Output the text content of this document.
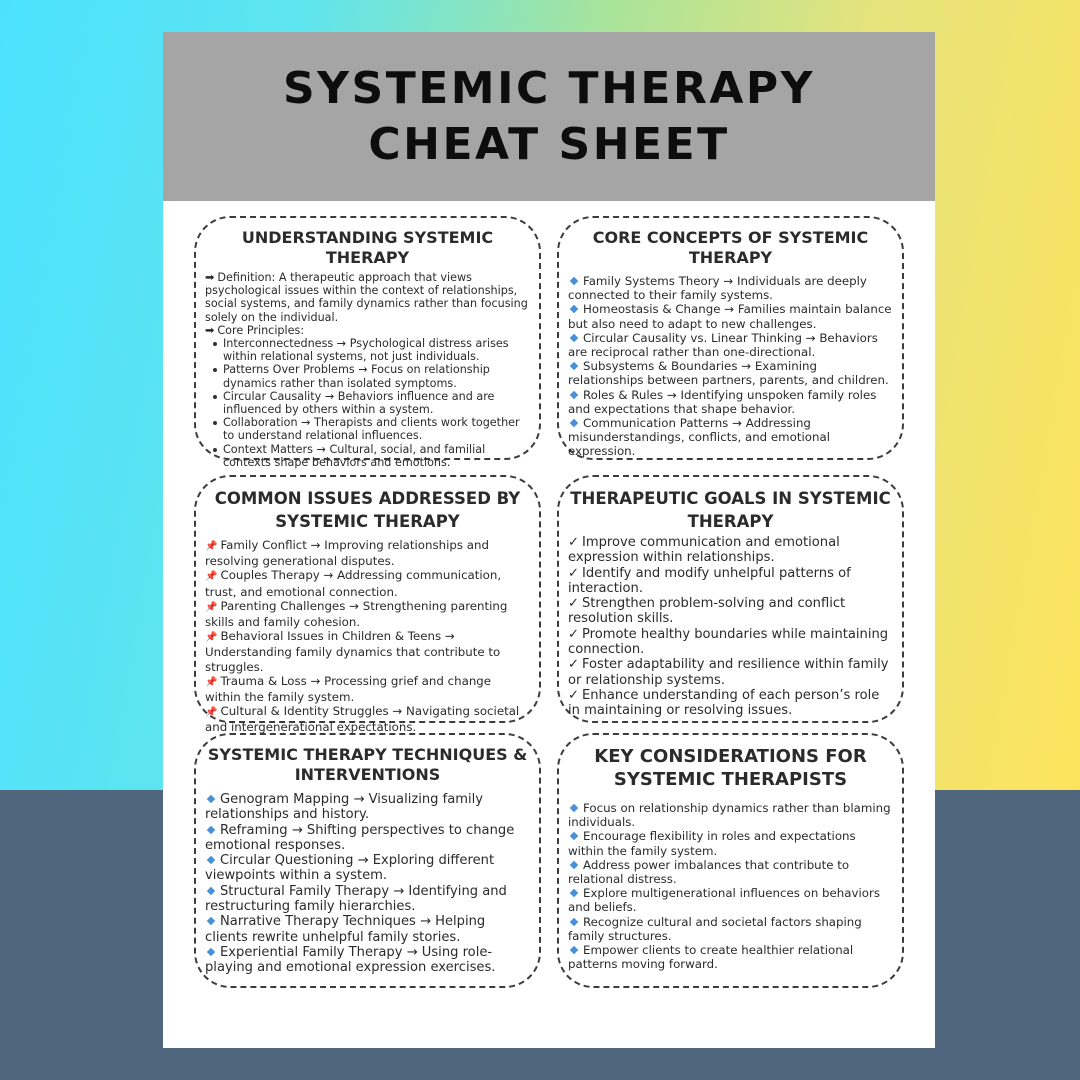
SYSTEMIC THERAPY
CHEAT SHEET
UNDERSTANDING SYSTEMIC THERAPY
➡ Definition: A therapeutic approach that views psychological issues within the context of relationships, social systems, and family dynamics rather than focusing solely on the individual.
➡ Core Principles:
Interconnectedness → Psychological distress arises within relational systems, not just individuals.
Patterns Over Problems → Focus on relationship dynamics rather than isolated symptoms.
Circular Causality → Behaviors influence and are influenced by others within a system.
Collaboration → Therapists and clients work together to understand relational influences.
Context Matters → Cultural, social, and familial contexts shape behaviors and emotions.
CORE CONCEPTS OF SYSTEMIC THERAPY
Family Systems Theory → Individuals are deeply connected to their family systems.
Homeostasis & Change → Families maintain balance but also need to adapt to new challenges.
Circular Causality vs. Linear Thinking → Behaviors are reciprocal rather than one-directional.
Subsystems & Boundaries → Examining relationships between partners, parents, and children.
Roles & Rules → Identifying unspoken family roles and expectations that shape behavior.
Communication Patterns → Addressing misunderstandings, conflicts, and emotional expression.
COMMON ISSUES ADDRESSED BY SYSTEMIC THERAPY
📌 Family Conflict → Improving relationships and resolving generational disputes.
📌 Couples Therapy → Addressing communication, trust, and emotional connection.
📌 Parenting Challenges → Strengthening parenting skills and family cohesion.
📌 Behavioral Issues in Children & Teens → Understanding family dynamics that contribute to struggles.
📌 Trauma & Loss → Processing grief and change within the family system.
📌 Cultural & Identity Struggles → Navigating societal and intergenerational expectations.
THERAPEUTIC GOALS IN SYSTEMIC THERAPY
✓ Improve communication and emotional expression within relationships.
✓ Identify and modify unhelpful patterns of interaction.
✓ Strengthen problem-solving and conflict resolution skills.
✓ Promote healthy boundaries while maintaining connection.
✓ Foster adaptability and resilience within family or relationship systems.
✓ Enhance understanding of each person’s role in maintaining or resolving issues.
SYSTEMIC THERAPY TECHNIQUES & INTERVENTIONS
Genogram Mapping → Visualizing family relationships and history.
Reframing → Shifting perspectives to change emotional responses.
Circular Questioning → Exploring different viewpoints within a system.
Structural Family Therapy → Identifying and restructuring family hierarchies.
Narrative Therapy Techniques → Helping clients rewrite unhelpful family stories.
Experiential Family Therapy → Using role-playing and emotional expression exercises.
KEY CONSIDERATIONS FOR SYSTEMIC THERAPISTS
Focus on relationship dynamics rather than blaming individuals.
Encourage flexibility in roles and expectations within the family system.
Address power imbalances that contribute to relational distress.
Explore multigenerational influences on behaviors and beliefs.
Recognize cultural and societal factors shaping family structures.
Empower clients to create healthier relational patterns moving forward.
